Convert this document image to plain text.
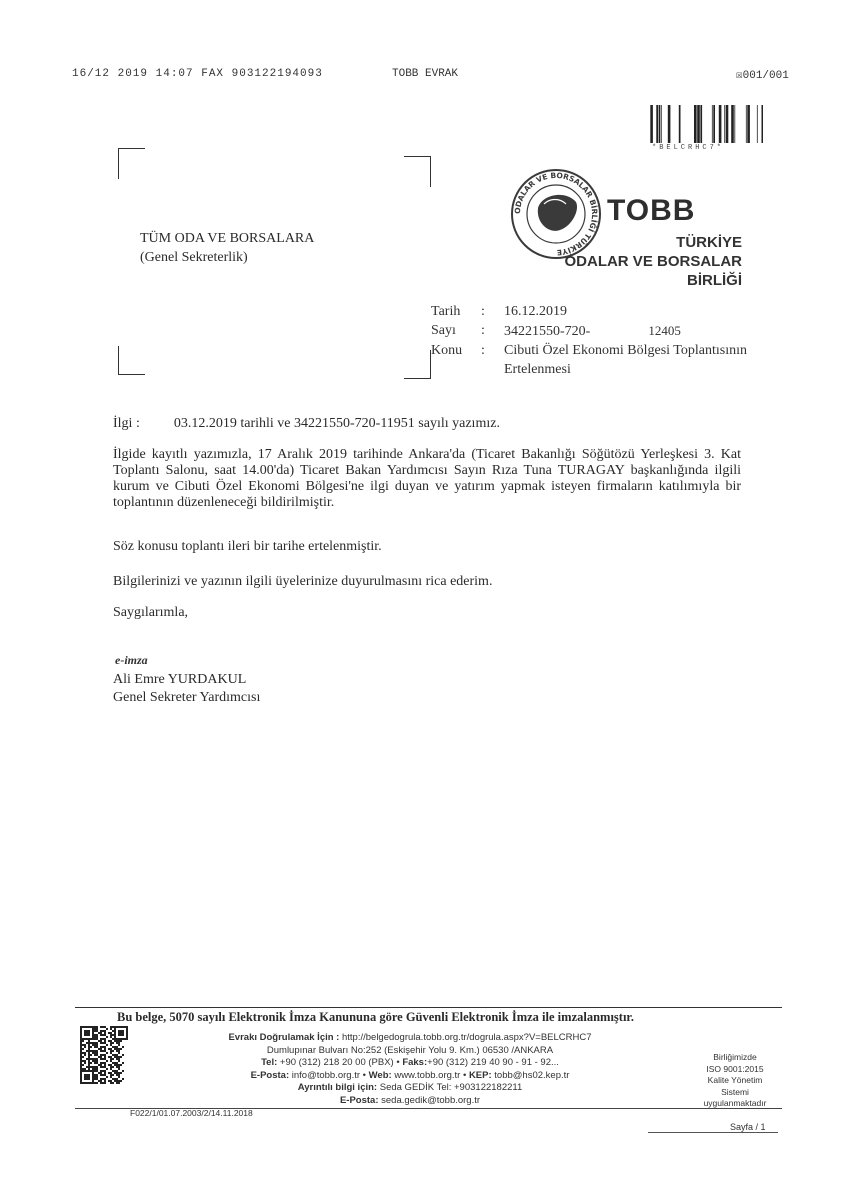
16/12 2019 14:07 FAX 903122194093	TOBB EVRAK	☒001/001
*BELCRHC7*
TÜM ODA VE BORSALARA
(Genel Sekreterlik)
ODALAR VE BORSALAR BİRLİĞİ TÜRKİYE
TOBB
TÜRKİYE
ODALAR VE BORSALAR
BİRLİĞİ
Tarih	:	16.12.2019
Sayı	:	34221550-720- 12405
Konu	:	Cibuti Özel Ekonomi Bölgesi Toplantısının
Ertelenmesi
İlgi : 03.12.2019 tarihli ve 34221550-720-11951 sayılı yazımız.
İlgide kayıtlı yazımızla, 17 Aralık 2019 tarihinde Ankara'da (Ticaret Bakanlığı Söğütözü Yerleşkesi 3. Kat Toplantı Salonu, saat 14.00'da) Ticaret Bakan Yardımcısı Sayın Rıza Tuna TURAGAY başkanlığında ilgili kurum ve Cibuti Özel Ekonomi Bölgesi'ne ilgi duyan ve yatırım yapmak isteyen firmaların katılımıyla bir toplantının düzenleneceği bildirilmiştir.
Söz konusu toplantı ileri bir tarihe ertelenmiştir.
Bilgilerinizi ve yazının ilgili üyelerinize duyurulmasını rica ederim.
Saygılarımla,
e-imza
Ali Emre YURDAKUL
Genel Sekreter Yardımcısı
Bu belge, 5070 sayılı Elektronik İmza Kanununa göre Güvenli Elektronik İmza ile imzalanmıştır.
Evrakı Doğrulamak İçin : http://belgedogrula.tobb.org.tr/dogrula.aspx?V=BELCRHC7
Dumlupınar Bulvarı No:252 (Eskişehir Yolu 9. Km.) 06530 /ANKARA
Tel: +90 (312) 218 20 00 (PBX) • Faks:+90 (312) 219 40 90 - 91 - 92...
E-Posta: info@tobb.org.tr • Web: www.tobb.org.tr • KEP: tobb@hs02.kep.tr
Ayrıntılı bilgi için: Seda GEDİK Tel: +903122182211
E-Posta: seda.gedik@tobb.org.tr
Birliğimizde
ISO 9001:2015
Kalite Yönetim
Sistemi
uygulanmaktadır
F022/1/01.07.2003/2/14.11.2018
Sayfa / 1
